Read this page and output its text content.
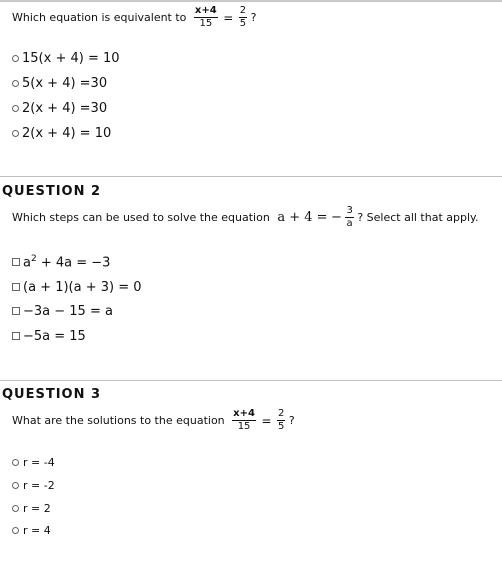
Which equation is equivalent to $\frac{x+4}{15} = \frac{2}{5}$ ?
15(x + 4) = 10
5(x + 4) =30
2(x + 4) =30
2(x + 4) = 10
QUESTION 2
Which steps can be used to solve the equation a + 4 = − $\frac{3}{a}$ ? Select all that apply.
$a^2 + 4a = -3$
(a + 1)(a + 3) = 0
−3a − 15 = a
−5a = 15
QUESTION 3
What are the solutions to the equation $\frac{x+4}{15} = \frac{2}{5}$ ?
r = -4
r = -2
r = 2
r = 4
